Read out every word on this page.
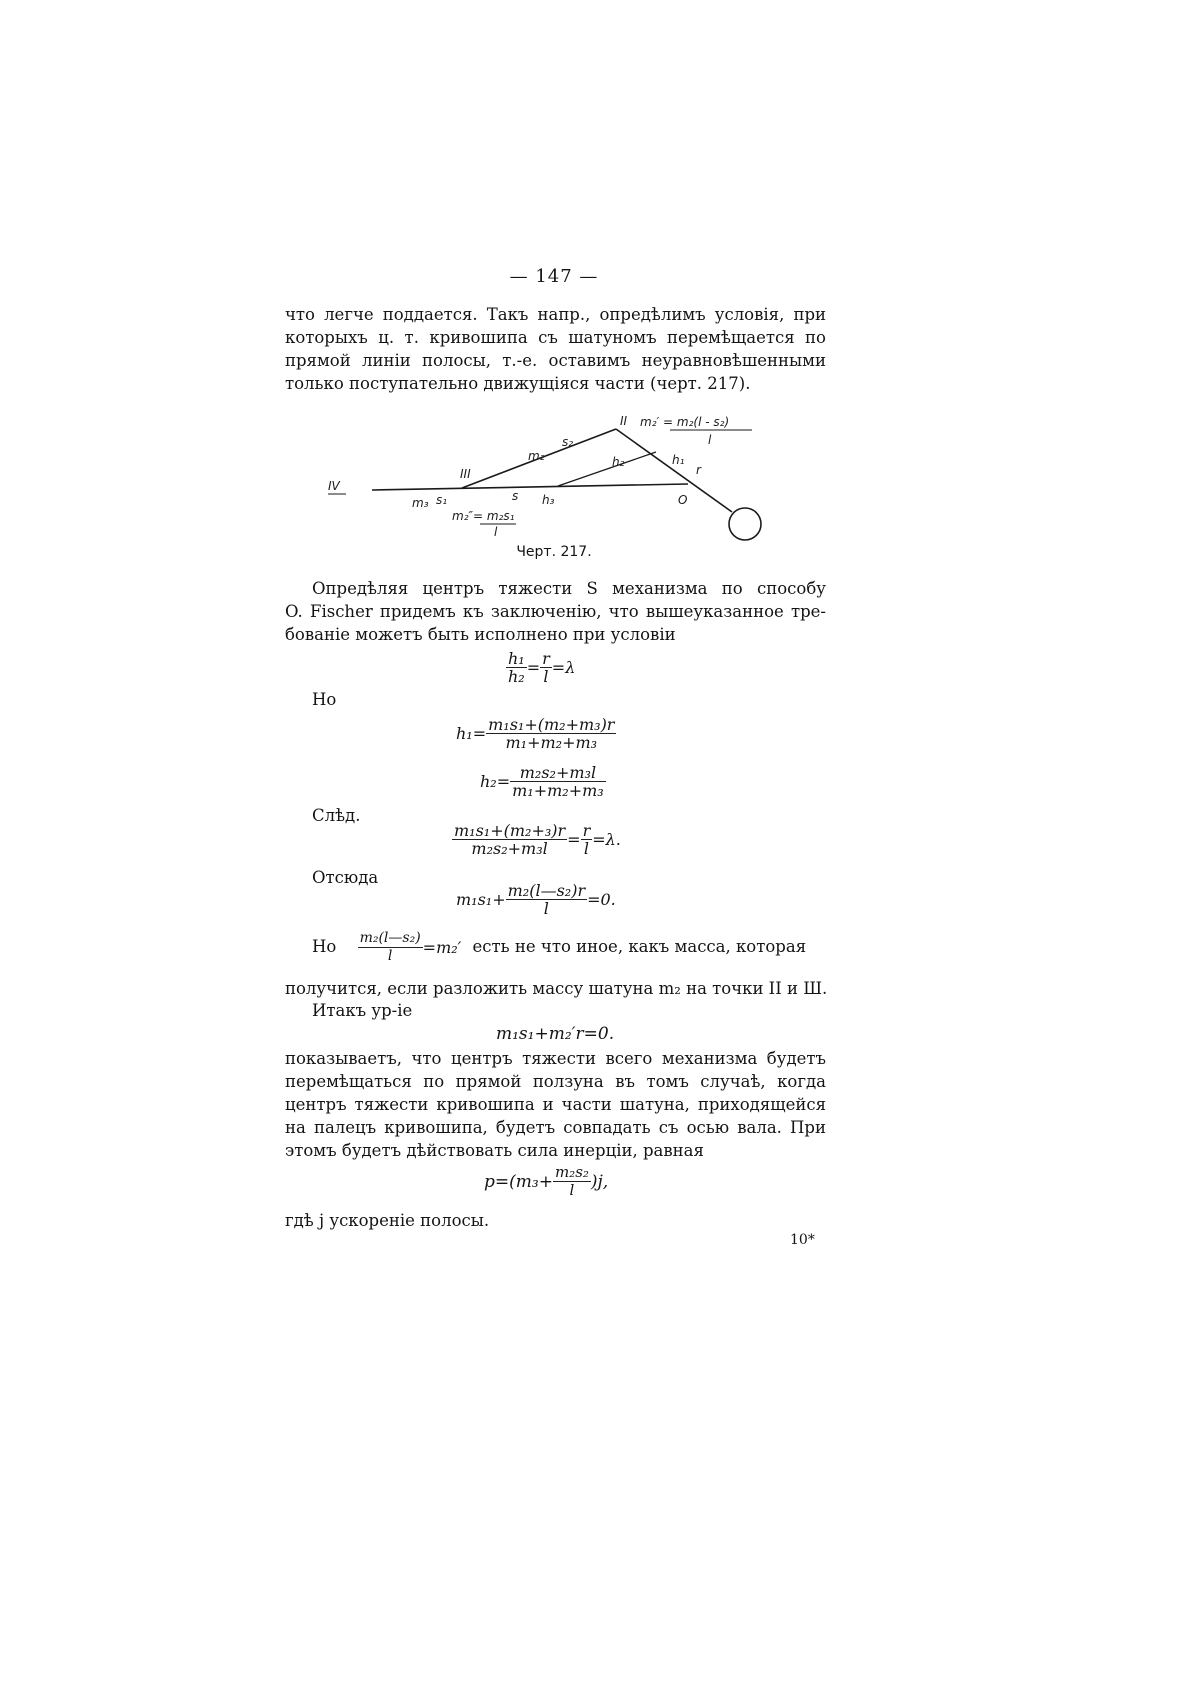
— 147 —
что легче поддается. Такъ напр., опредѣлимъ условія, при
которыхъ ц. т. кривошипа съ шатуномъ перемѣщается по
прямой линіи полосы, т.-е. оставимъ неуравновѣшенными
только поступательно движущіяся части (черт. 217).
IV
m₃ s₁
III
s h₃
m₂
s₂
h₂	h₁
r
O
II m₂′ = m₂(l - s₂)
l
m₂″= m₂s₁
l
Черт. 217.
Опредѣляя центръ тяжести S механизма по способу
O. Fischer придемъ къ заключенію, что вышеуказанное тре-
бованіе можетъ быть исполнено при условіи
$\frac{\text{h₁}}{\text{h₂}} = \frac{r}{l} =\lambda$
Но
$h_1= \frac{\text{m₁s₁+(m₂+m₃)r}}{\text{m₁+m₂+m₃}}$
$h_2= \frac{\text{m₂s₂+m₃l}}{\text{m₁+m₂+m₃}}$
Слѣд.
$\frac{\text{m₁s₁+(m₂+₃)r}}{\text{m₂s₂+m₃l}} = \frac{r}{l} =\lambda$.
Отсюда
$m_1s_1+ \frac{\text{m₂(l—s₂)r}}{l} =0$.
Но $\frac{\text{m₂(l—s₂)}}{l} =m_2'$ есть не что иное, какъ масса, которая
получится, если разложить массу шатуна m₂ на точки II и Ш.
Итакъ ур-іе
m₁s₁+m₂′r=0.
показываетъ, что центръ тяжести всего механизма будетъ
перемѣщаться по прямой ползуна въ томъ случаѣ, когда
центръ тяжести кривошипа и части шатуна, приходящейся
на палецъ кривошипа, будетъ совпадать съ осью вала. При
этомъ будетъ дѣйствовать сила инерціи, равная
$p=(m_3+ \frac{\text{m₂s₂}}{l} )j$,
гдѣ j ускореніе полосы.
10*
